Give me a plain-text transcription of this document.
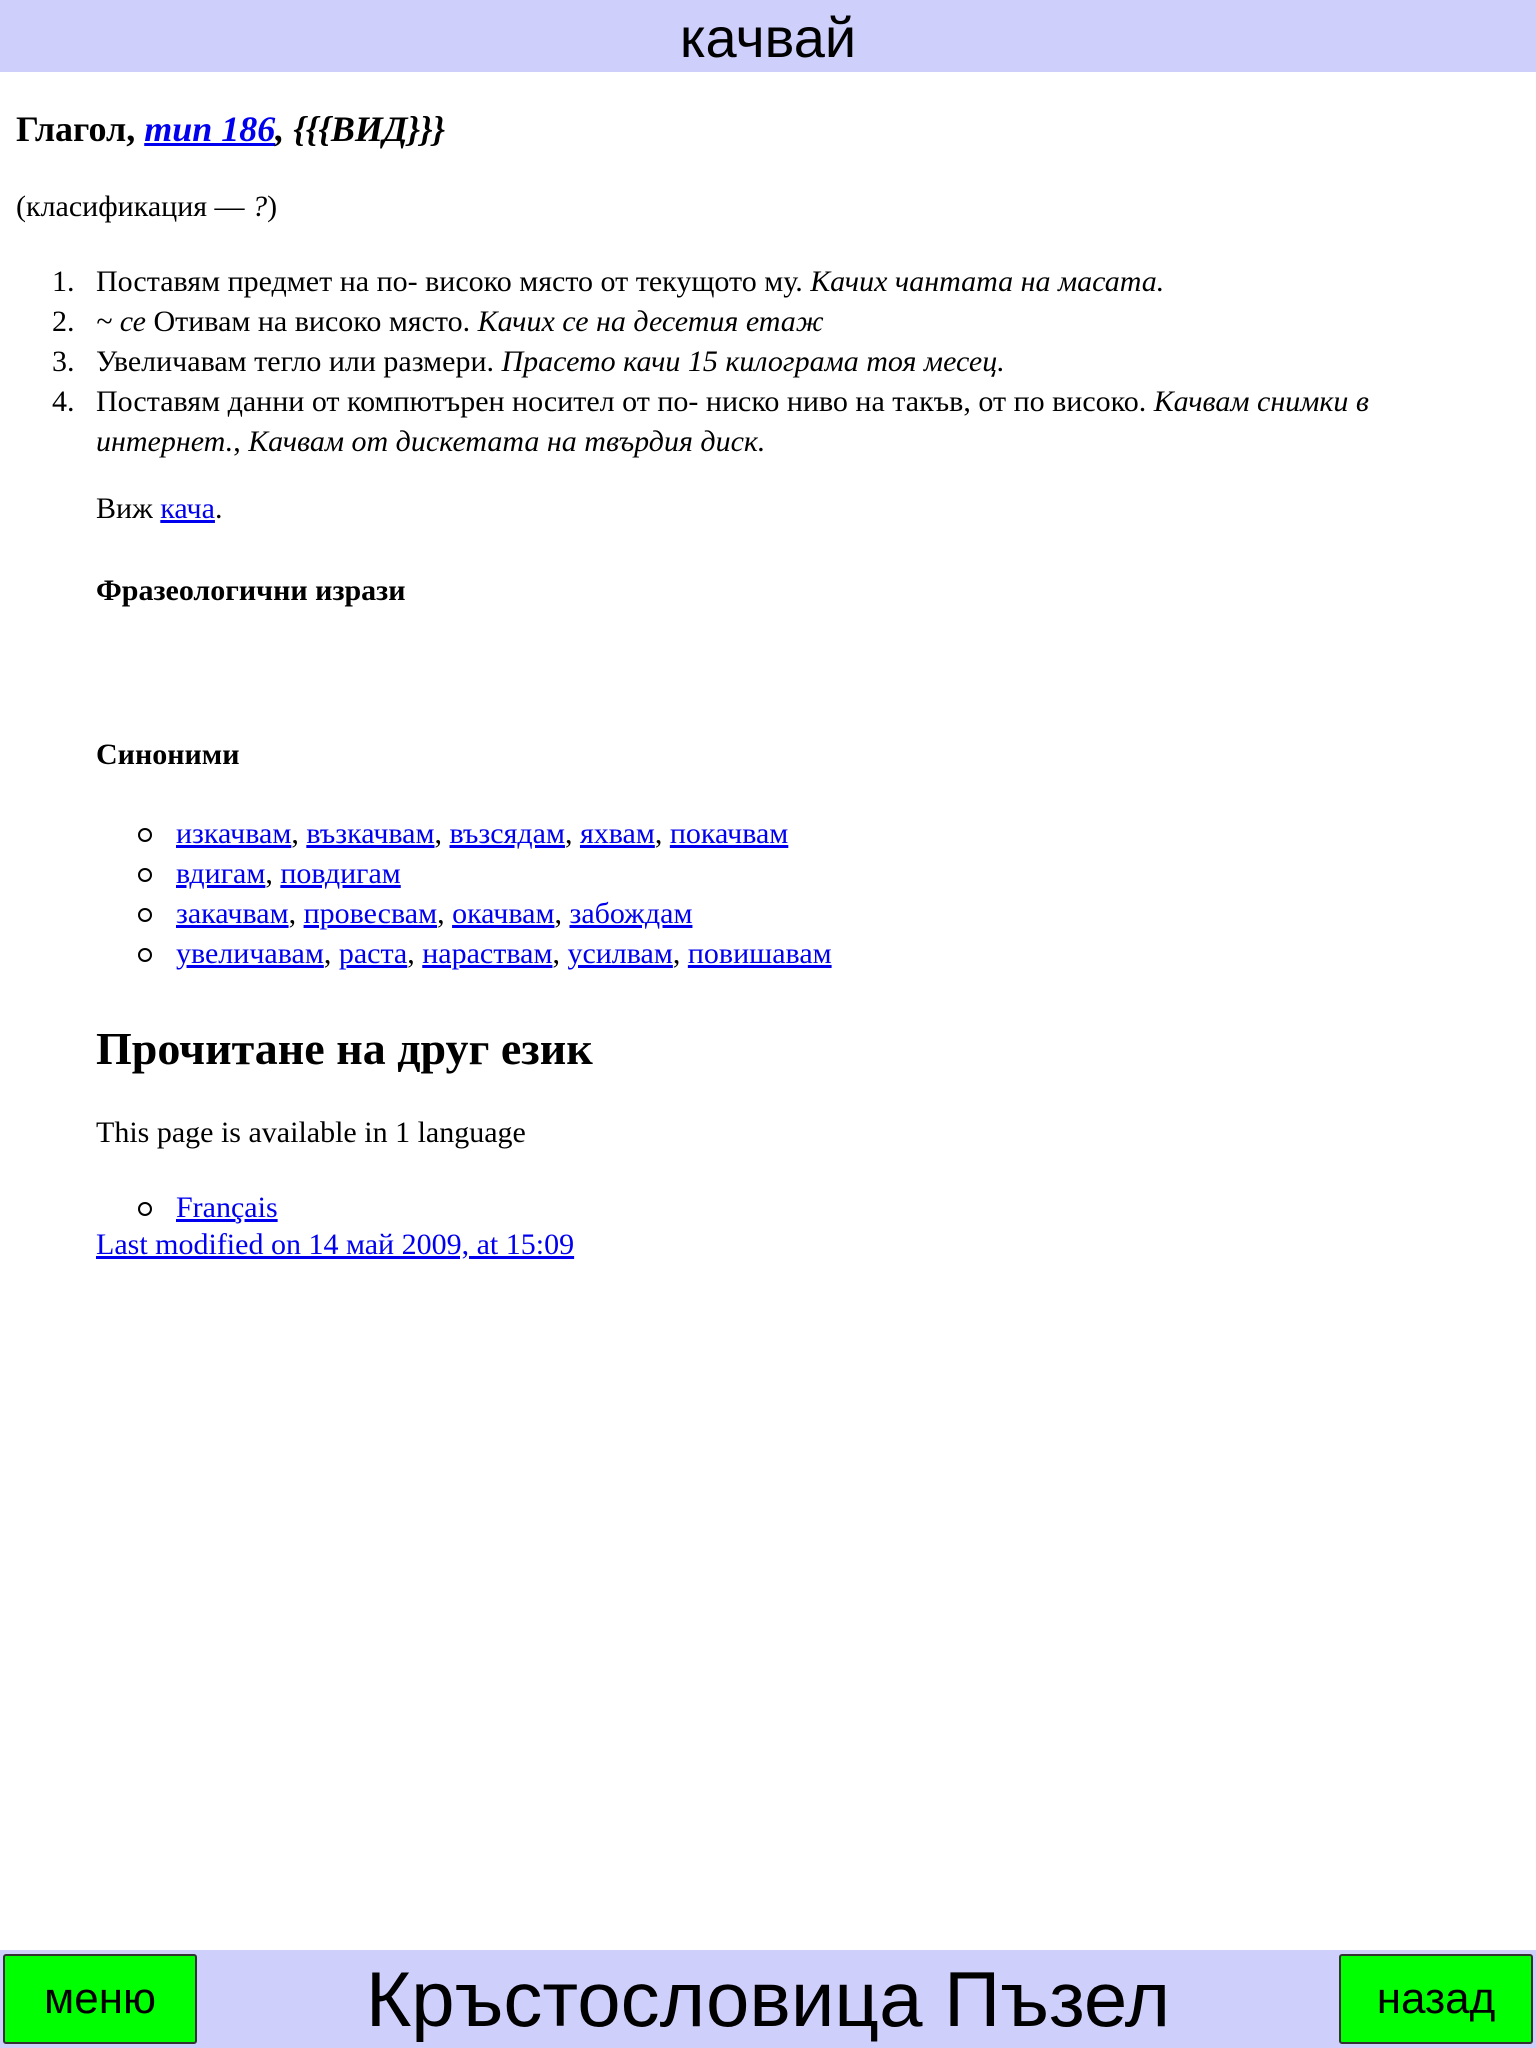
качвай
Глагол, тип 186, {{{ВИД}}}
(класификация — ?)
1. Поставям предмет на по- високо място от текущото му. Качих чантата на масата.
2. ~ се Отивам на високо място. Качих се на десетия етаж
3. Увеличавам тегло или размери. Прасето качи 15 килограма тоя месец.
4. Поставям данни от компютърен носител от по- ниско ниво на такъв, от по високо. Качвам снимки в интернет., Качвам от дискетата на твърдия диск.
Виж кача.
Фразеологични изрази
Синоними
изкачвам, възкачвам, възсядам, яхвам, покачвам
вдигам, повдигам
закачвам, провесвам, окачвам, забождам
увеличавам, раста, нараствам, усилвам, повишавам
Прочитане на друг език
This page is available in 1 language
Français
Last modified on 14 май 2009, at 15:09
меню	Кръстословица Пъзел	назад
